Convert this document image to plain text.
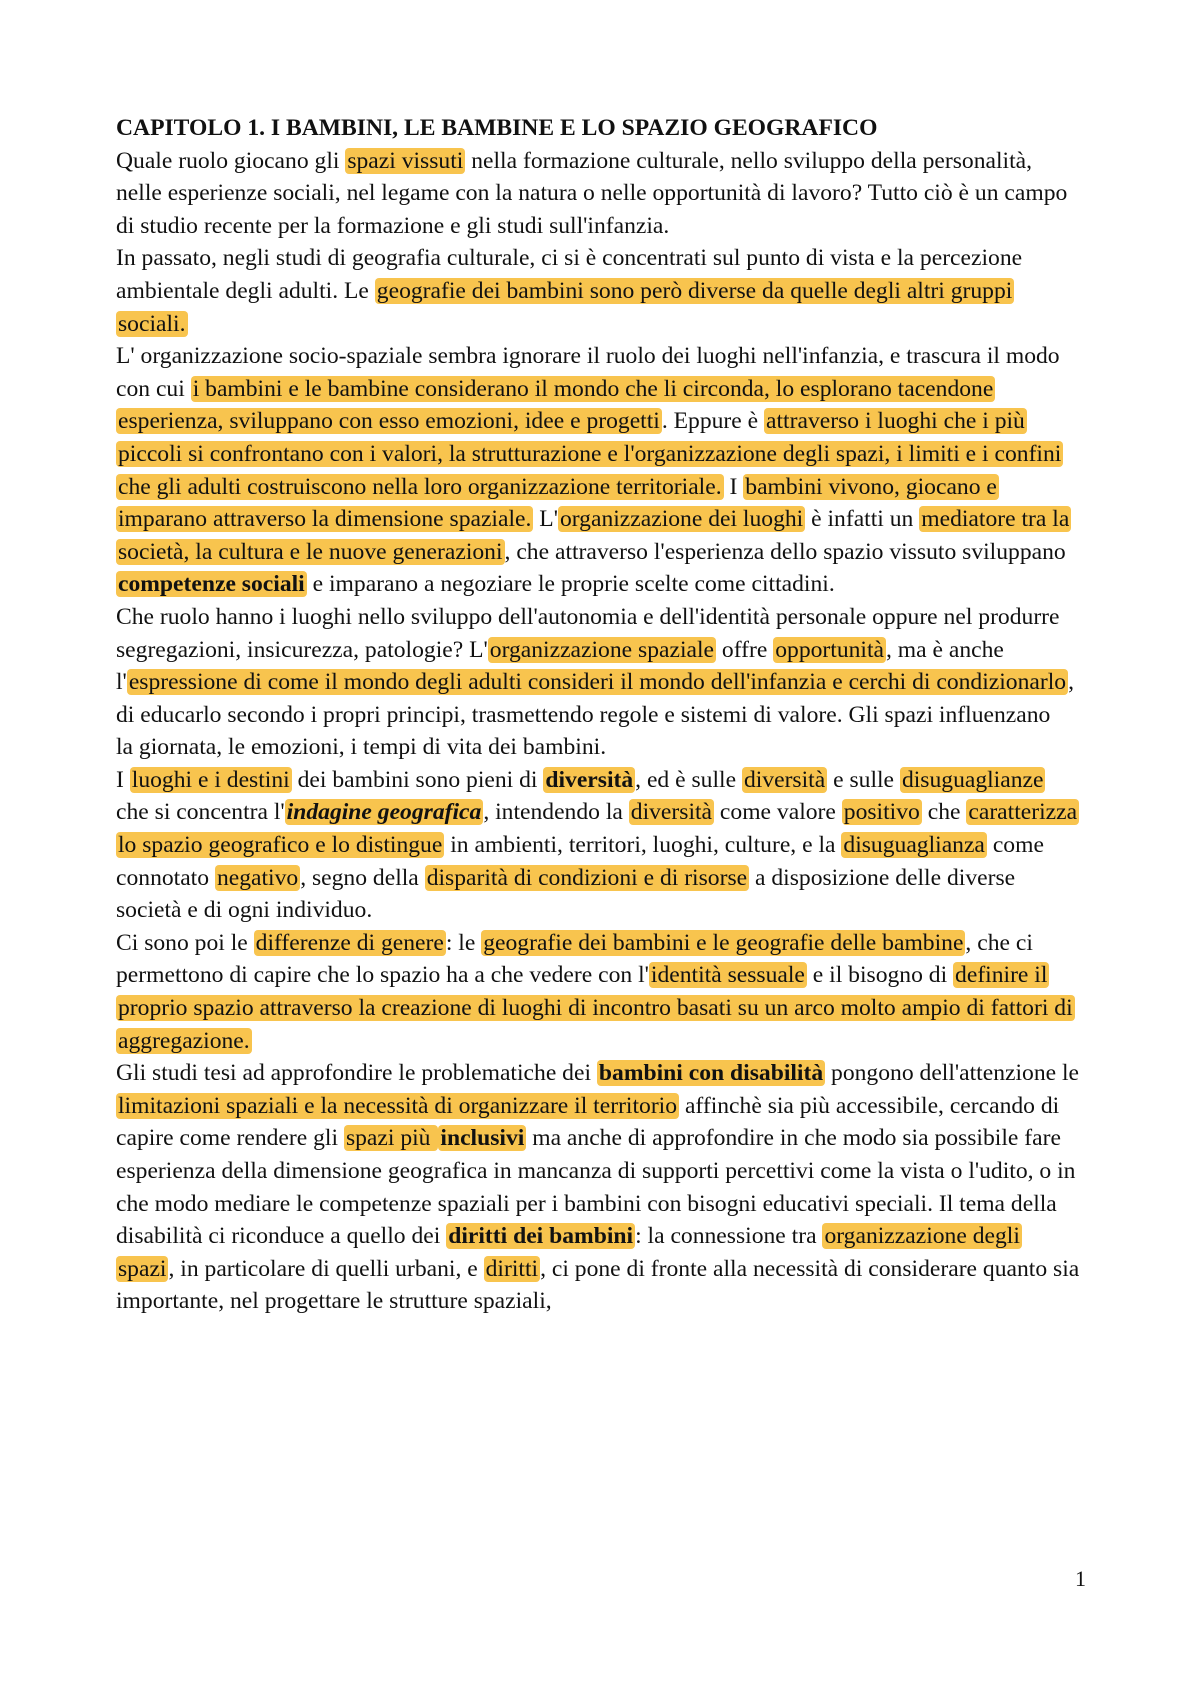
CAPITOLO 1. I BAMBINI, LE BAMBINE E LO SPAZIO GEOGRAFICO

Quale ruolo giocano gli spazi vissuti nella formazione culturale, nello sviluppo della personalità, nelle esperienze sociali, nel legame con la natura o nelle opportunità di lavoro? Tutto ciò è un campo di studio recente per la formazione e gli studi sull'infanzia.

In passato, negli studi di geografia culturale, ci si è concentrati sul punto di vista e la percezione ambientale degli adulti. Le geografie dei bambini sono però diverse da quelle degli altri gruppi sociali.

L' organizzazione socio-spaziale sembra ignorare il ruolo dei luoghi nell'infanzia, e trascura il modo con cui i bambini e le bambine considerano il mondo che li circonda, lo esplorano tacendone esperienza, sviluppano con esso emozioni, idee e progetti. Eppure è attraverso i luoghi che i più piccoli si confrontano con i valori, la strutturazione e l'organizzazione degli spazi, i limiti e i confini che gli adulti costruiscono nella loro organizzazione territoriale. I bambini vivono, giocano e imparano attraverso la dimensione spaziale. L'organizzazione dei luoghi è infatti un mediatore tra la società, la cultura e le nuove generazioni, che attraverso l'esperienza dello spazio vissuto sviluppano competenze sociali e imparano a negoziare le proprie scelte come cittadini.

Che ruolo hanno i luoghi nello sviluppo dell'autonomia e dell'identità personale oppure nel produrre segregazioni, insicurezza, patologie? L'organizzazione spaziale offre opportunità, ma è anche l'espressione di come il mondo degli adulti consideri il mondo dell'infanzia e cerchi di condizionarlo, di educarlo secondo i propri principi, trasmettendo regole e sistemi di valore. Gli spazi influenzano

la giornata, le emozioni, i tempi di vita dei bambini.

I luoghi e i destini dei bambini sono pieni di diversità, ed è sulle diversità e sulle disuguaglianze che si concentra l'indagine geografica, intendendo la diversità come valore positivo che caratterizza lo spazio geografico e lo distingue in ambienti, territori, luoghi, culture, e la disuguaglianza come connotato negativo, segno della disparità di condizioni e di risorse a disposizione delle diverse società e di ogni individuo.

Ci sono poi le differenze di genere: le geografie dei bambini e le geografie delle bambine, che ci permettono di capire che lo spazio ha a che vedere con l'identità sessuale e il bisogno di definire il proprio spazio attraverso la creazione di luoghi di incontro basati su un arco molto ampio di fattori di aggregazione.

Gli studi tesi ad approfondire le problematiche dei bambini con disabilità pongono dell'attenzione le limitazioni spaziali e la necessità di organizzare il territorio affinchè sia più accessibile, cercando di capire come rendere gli spazi più inclusivi ma anche di approfondire in che modo sia possibile fare esperienza della dimensione geografica in mancanza di supporti percettivi come la vista o l'udito, o in che modo mediare le competenze spaziali per i bambini con bisogni educativi speciali. Il tema della disabilità ci riconduce a quello dei diritti dei bambini: la connessione tra organizzazione degli spazi, in particolare di quelli urbani, e diritti, ci pone di fronte alla necessità di considerare quanto sia importante, nel progettare le strutture spaziali,

1
